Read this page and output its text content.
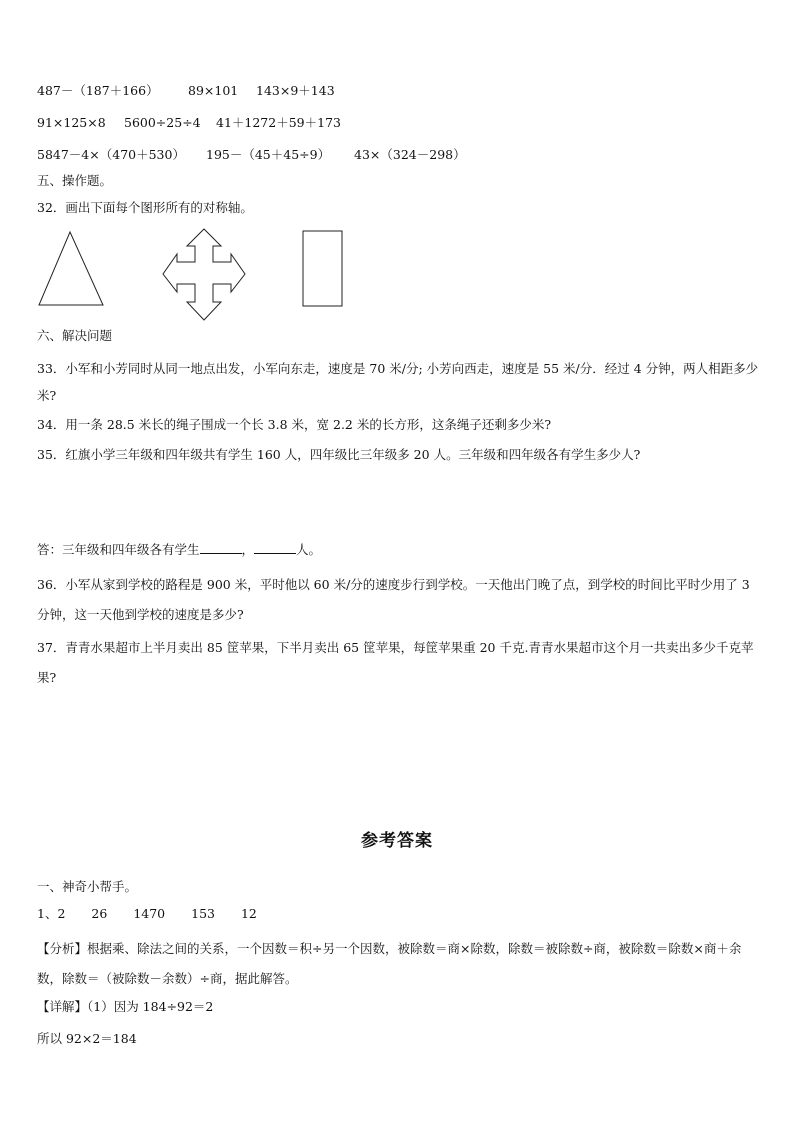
487－（187＋166） 89×101 143×9＋143
91×125×8 5600÷25÷4 41＋1272＋59＋173
5847－4×（470＋530） 195－（45＋45÷9） 43×（324－298）
五、操作题。
32．画出下面每个图形所有的对称轴。
六、解决问题
33．小军和小芳同时从同一地点出发，小军向东走，速度是 70 米/分; 小芳向西走，速度是 55 米/分．经过 4 分钟，两人相距多少米?
34．用一条 28.5 米长的绳子围成一个长 3.8 米，宽 2.2 米的长方形，这条绳子还剩多少米?
35．红旗小学三年级和四年级共有学生 160 人，四年级比三年级多 20 人。三年级和四年级各有学生多少人?
答：三年级和四年级各有学生	，	人。
36．小军从家到学校的路程是 900 米，平时他以 60 米/分的速度步行到学校。一天他出门晚了点，到学校的时间比平时少用了 3 分钟，这一天他到学校的速度是多少?
37．青青水果超市上半月卖出 85 筐苹果，下半月卖出 65 筐苹果，每筐苹果重 20 千克.青青水果超市这个月一共卖出多少千克苹果?
参考答案
一、神奇小帮手。
1、2 26 1470 153 12
【分析】根据乘、除法之间的关系，一个因数＝积÷另一个因数，被除数＝商×除数，除数＝被除数÷商，被除数＝除数×商＋余数，除数＝（被除数－余数）÷商，据此解答。
【详解】（1）因为 184÷92＝2
所以 92×2＝184
